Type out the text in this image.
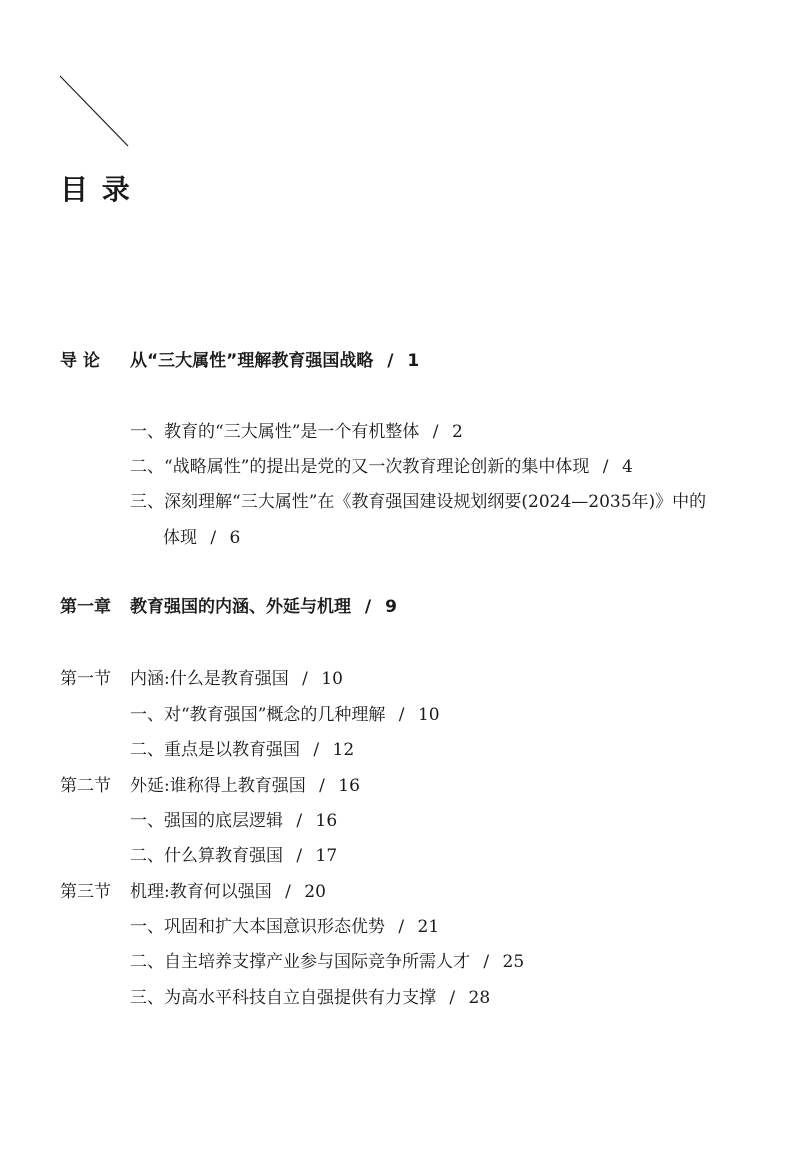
目 录
导 论 从“三大属性”理解教育强国战略 / 1
一、教育的“三大属性”是一个有机整体 / 2
二、“战略属性”的提出是党的又一次教育理论创新的集中体现 / 4
三、深刻理解“三大属性”在《教育强国建设规划纲要(2024—2035年)》中的
体现 / 6
第一章 教育强国的内涵、外延与机理 / 9
第一节 内涵:什么是教育强国 / 10
一、对“教育强国”概念的几种理解 / 10
二、重点是以教育强国 / 12
第二节 外延:谁称得上教育强国 / 16
一、强国的底层逻辑 / 16
二、什么算教育强国 / 17
第三节 机理:教育何以强国 / 20
一、巩固和扩大本国意识形态优势 / 21
二、自主培养支撑产业参与国际竞争所需人才 / 25
三、为高水平科技自立自强提供有力支撑 / 28
